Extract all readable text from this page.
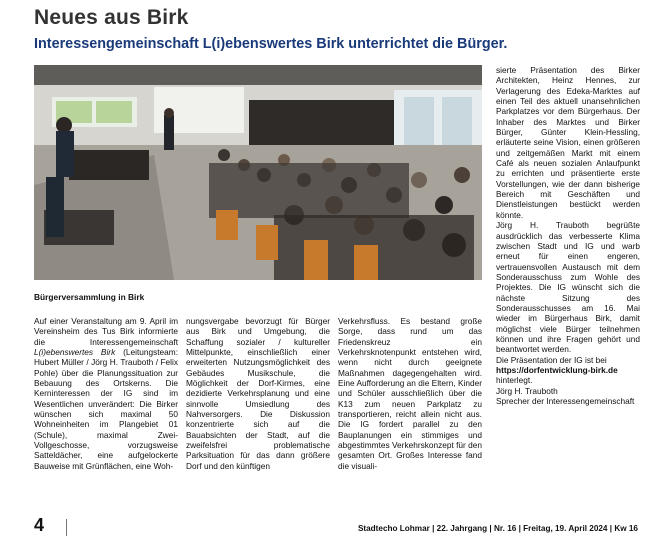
Neues aus Birk
Interessengemeinschaft L(i)ebenswertes Birk unterrichtet die Bürger.
Bürgerversammlung in Birk

Auf einer Veranstaltung am 9. April im Vereinsheim des Tus Birk informierte die Interessengemeinschaft L(i)ebenswertes Birk (Leitungsteam: Hubert Müller / Jörg H. Trauboth / Felix Pohle) über die Planungssituation zur Bebauung des Ortskerns. Die Kerninteressen der IG sind im Wesentlichen unverändert: Die Birker wünschen sich maximal 50 Wohneinheiten im Plangebiet 01 (Schule), maximal Zwei-Vollgeschosse, vorzugsweise Satteldächer, eine aufgelockerte Bauweise mit Grünflächen, eine Woh-

nungsvergabe bevorzugt für Bürger aus Birk und Umgebung, die Schaffung sozialer / kultureller Mittelpunkte, einschließlich einer erweiterten Nutzungsmöglichkeit des Gebäudes Musikschule, die Möglichkeit der Dorf-Kirmes, eine dezidierte Verkehrsplanung und eine sinnvolle Umsiedlung des Nahversorgers. Die Diskussion konzentrierte sich auf die Bauabsichten der Stadt, auf die zweifelsfrei problematische Parksituation für das dann größere Dorf und den künftigen

Verkehrsfluss. Es bestand große Sorge, dass rund um das Friedenskreuz ein Verkehrsknotenpunkt entstehen wird, wenn nicht durch geeignete Maßnahmen dagegengehalten wird. Eine Aufforderung an die Eltern, Kinder und Schüler ausschließlich über die K13 zum neuen Parkplatz zu transportieren, reicht allein nicht aus. Die IG fordert parallel zu den Bauplanungen ein stimmiges und abgestimmtes Verkehrskonzept für den gesamten Ort. Großes Interesse fand die visuali-

sierte Präsentation des Birker Architekten, Heinz Hennes, zur Verlagerung des Edeka-Marktes auf einen Teil des aktuell unansehnlichen Parkplatzes vor dem Bürgerhaus. Der Inhaber des Marktes und Birker Bürger, Günter Klein-Hessling, erläuterte seine Vision, einen größeren und zeitgemäßen Markt mit einem Café als neuen sozialen Anlaufpunkt zu errichten und präsentierte erste Vorstellungen, wie der dann bisherige Bereich mit Geschäften und Dienstleistungen bestückt werden könnte.

Jörg H. Trauboth begrüßte ausdrücklich das verbesserte Klima zwischen Stadt und IG und warb erneut für einen engeren, vertrauensvollen Austausch mit dem Sonderausschuss zum Wohle des Projektes. Die IG wünscht sich die nächste Sitzung des Sonderausschusses am 16. Mai wieder im Bürgerhaus Birk, damit möglichst viele Bürger teilnehmen können und ihre Fragen gehört und beantwortet werden.

Die Präsentation der IG ist bei

https://dorfentwicklung-birk.de

hinterlegt.

Jörg H. Trauboth

Sprecher der Interessengemeinschaft

4	Stadtecho Lohmar | 22. Jahrgang | Nr. 16 | Freitag, 19. April 2024 | Kw 16
